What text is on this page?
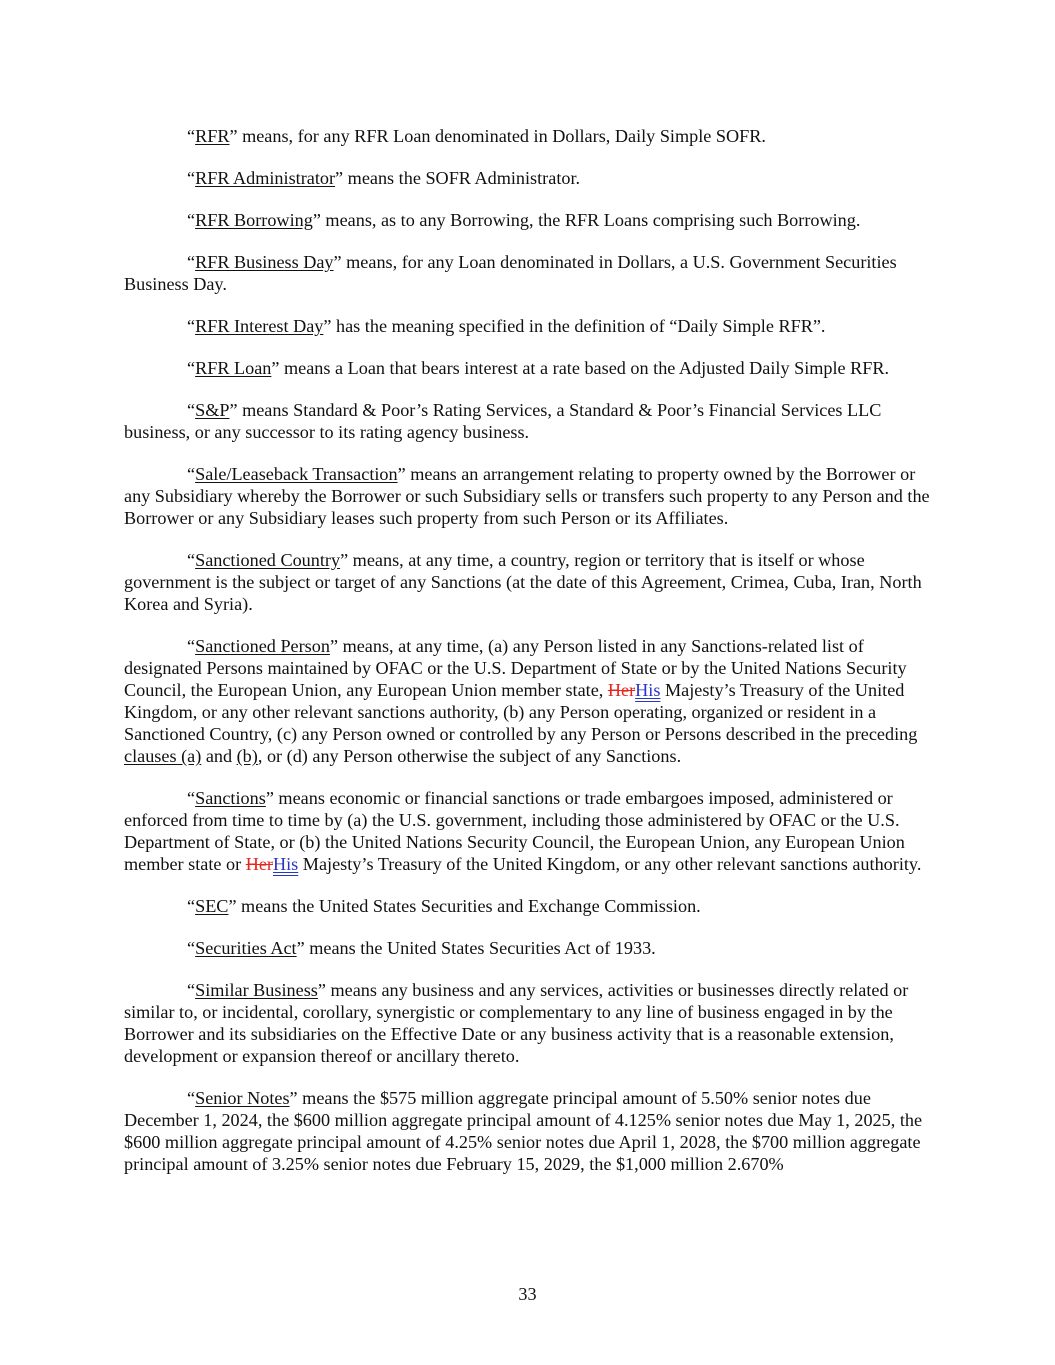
“RFR” means, for any RFR Loan denominated in Dollars, Daily Simple SOFR.

“RFR Administrator” means the SOFR Administrator.

“RFR Borrowing” means, as to any Borrowing, the RFR Loans comprising such Borrowing.

“RFR Business Day” means, for any Loan denominated in Dollars, a U.S. Government Securities Business Day.

“RFR Interest Day” has the meaning specified in the definition of “Daily Simple RFR”.

“RFR Loan” means a Loan that bears interest at a rate based on the Adjusted Daily Simple RFR.

“S&P” means Standard & Poor’s Rating Services, a Standard & Poor’s Financial Services LLC business, or any successor to its rating agency business.

“Sale/Leaseback Transaction” means an arrangement relating to property owned by the Borrower or any Subsidiary whereby the Borrower or such Subsidiary sells or transfers such property to any Person and the Borrower or any Subsidiary leases such property from such Person or its Affiliates.

“Sanctioned Country” means, at any time, a country, region or territory that is itself or whose government is the subject or target of any Sanctions (at the date of this Agreement, Crimea, Cuba, Iran, North Korea and Syria).

“Sanctioned Person” means, at any time, (a) any Person listed in any Sanctions-related list of designated Persons maintained by OFAC or the U.S. Department of State or by the United Nations Security Council, the European Union, any European Union member state, HerHis Majesty’s Treasury of the United Kingdom, or any other relevant sanctions authority, (b) any Person operating, organized or resident in a Sanctioned Country, (c) any Person owned or controlled by any Person or Persons described in the preceding clauses (a) and (b), or (d) any Person otherwise the subject of any Sanctions.

“Sanctions” means economic or financial sanctions or trade embargoes imposed, administered or enforced from time to time by (a) the U.S. government, including those administered by OFAC or the U.S. Department of State, or (b) the United Nations Security Council, the European Union, any European Union member state or HerHis Majesty’s Treasury of the United Kingdom, or any other relevant sanctions authority.

“SEC” means the United States Securities and Exchange Commission.

“Securities Act” means the United States Securities Act of 1933.

“Similar Business” means any business and any services, activities or businesses directly related or similar to, or incidental, corollary, synergistic or complementary to any line of business engaged in by the Borrower and its subsidiaries on the Effective Date or any business activity that is a reasonable extension, development or expansion thereof or ancillary thereto.

“Senior Notes” means the $575 million aggregate principal amount of 5.50% senior notes due December 1, 2024, the $600 million aggregate principal amount of 4.125% senior notes due May 1, 2025, the $600 million aggregate principal amount of 4.25% senior notes due April 1, 2028, the $700 million aggregate principal amount of 3.25% senior notes due February 15, 2029, the $1,000 million 2.670%

33
